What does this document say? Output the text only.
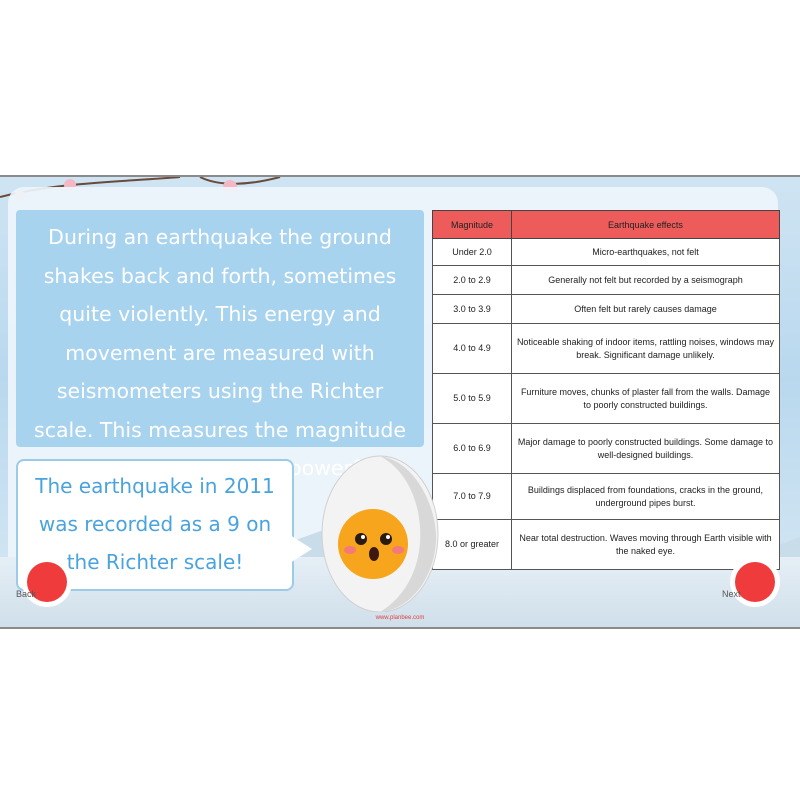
During an earthquake the ground shakes back and forth, sometimes quite violently. This energy and movement are measured with seismometers using the Richter scale. This measures the magnitude powerful
The earthquake in 2011 was recorded as a 9 on the Richter scale!
Magnitude	Earthquake effects
Under 2.0	Micro-earthquakes, not felt
2.0 to 2.9	Generally not felt but recorded by a seismograph
3.0 to 3.9	Often felt but rarely causes damage
4.0 to 4.9	Noticeable shaking of indoor items, rattling noises, windows may break. Significant damage unlikely.
5.0 to 5.9	Furniture moves, chunks of plaster fall from the walls. Damage to poorly constructed buildings.
6.0 to 6.9	Major damage to poorly constructed buildings. Some damage to well-designed buildings.
7.0 to 7.9	Buildings displaced from foundations, cracks in the ground, underground pipes burst.
8.0 or greater	Near total destruction. Waves moving through Earth visible with the naked eye.
Back	Next
www.planbee.com
